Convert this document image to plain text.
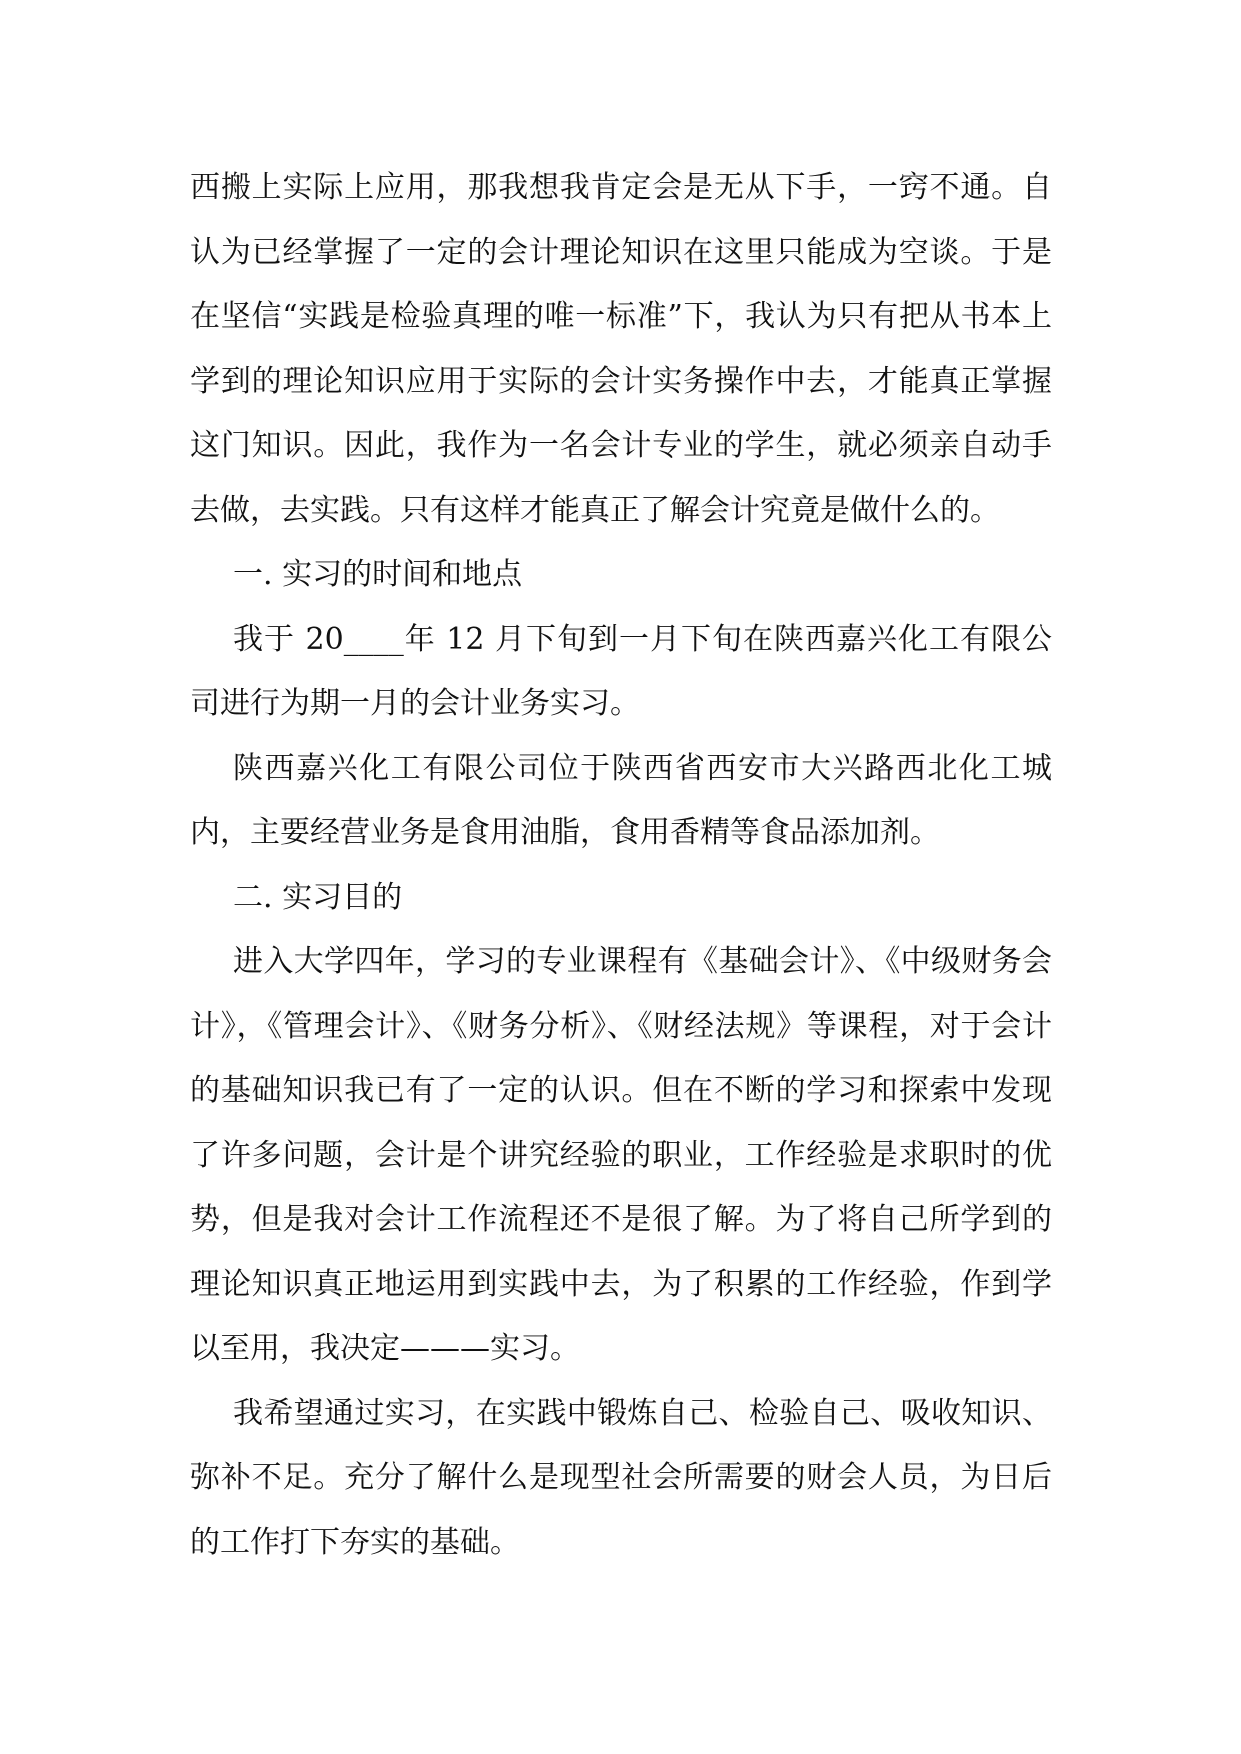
西搬上实际上应用，那我想我肯定会是无从下手，一窍不通。自认为已经掌握了一定的会计理论知识在这里只能成为空谈。于是在坚信“实践是检验真理的唯一标准”下，我认为只有把从书本上学到的理论知识应用于实际的会计实务操作中去，才能真正掌握这门知识。因此，我作为一名会计专业的学生，就必须亲自动手去做，去实践。只有这样才能真正了解会计究竟是做什么的。

一. 实习的时间和地点

我于 20____年 12 月下旬到一月下旬在陕西嘉兴化工有限公司进行为期一月的会计业务实习。

陕西嘉兴化工有限公司位于陕西省西安市大兴路西北化工城内，主要经营业务是食用油脂，食用香精等食品添加剂。

二. 实习目的

进入大学四年，学习的专业课程有《基础会计》、《中级财务会计》，《管理会计》、《财务分析》、《财经法规》等课程，对于会计的基础知识我已有了一定的认识。但在不断的学习和探索中发现了许多问题，会计是个讲究经验的职业，工作经验是求职时的优势，但是我对会计工作流程还不是很了解。为了将自己所学到的理论知识真正地运用到实践中去，为了积累的工作经验，作到学以至用，我决定———实习。

我希望通过实习，在实践中锻炼自己、检验自己、吸收知识、弥补不足。充分了解什么是现型社会所需要的财会人员，为日后的工作打下夯实的基础。
